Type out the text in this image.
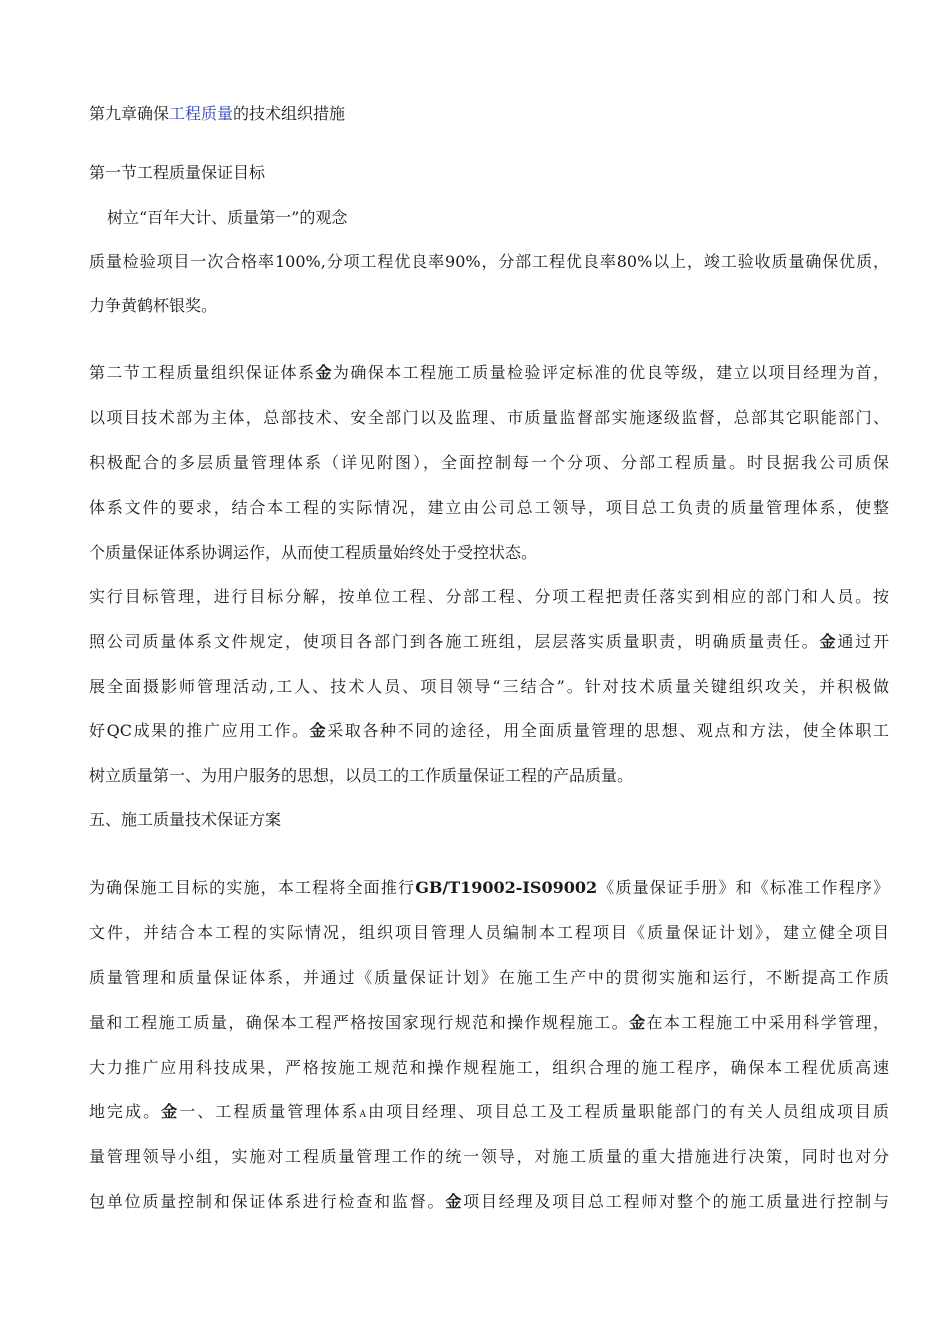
第九章确保工程质量的技术组织措施
第一节工程质量保证目标
树立“百年大计、质量第一”的观念
质量检验项目一次合格率100%,分项工程优良率90%，分部工程优良率80%以上，竣工验收质量确保优质，
力争黄鹤杯银奖。
第二节工程质量组织保证体系金为确保本工程施工质量检验评定标准的优良等级，建立以项目经理为首，
以项目技术部为主体，总部技术、安全部门以及监理、市质量监督部实施逐级监督，总部其它职能部门、
积极配合的多层质量管理体系（详见附图），全面控制每一个分项、分部工程质量。时艮据我公司质保
体系文件的要求，结合本工程的实际情况，建立由公司总工领导，项目总工负责的质量管理体系，使整
个质量保证体系协调运作，从而使工程质量始终处于受控状态。
实行目标管理，进行目标分解，按单位工程、分部工程、分项工程把责任落实到相应的部门和人员。按
照公司质量体系文件规定，使项目各部门到各施工班组，层层落实质量职责，明确质量责任。金通过开
展全面摄影师管理活动,工人、技术人员、项目领导“三结合”。针对技术质量关键组织攻关，并积极做
好QC成果的推广应用工作。金采取各种不同的途径，用全面质量管理的思想、观点和方法，使全体职工
树立质量第一、为用户服务的思想，以员工的工作质量保证工程的产品质量。
五、施工质量技术保证方案
为确保施工目标的实施，本工程将全面推行GB/T19002-IS09002《质量保证手册》和《标准工作程序》
文件，并结合本工程的实际情况，组织项目管理人员编制本工程项目《质量保证计划》，建立健全项目
质量管理和质量保证体系，并通过《质量保证计划》在施工生产中的贯彻实施和运行，不断提高工作质
量和工程施工质量，确保本工程严格按国家现行规范和操作规程施工。金在本工程施工中采用科学管理，
大力推广应用科技成果，严格按施工规范和操作规程施工，组织合理的施工程序，确保本工程优质高速
地完成。金一、工程质量管理体系A由项目经理、项目总工及工程质量职能部门的有关人员组成项目质
量管理领导小组，实施对工程质量管理工作的统一领导，对施工质量的重大措施进行决策，同时也对分
包单位质量控制和保证体系进行检查和监督。金项目经理及项目总工程师对整个的施工质量进行控制与
